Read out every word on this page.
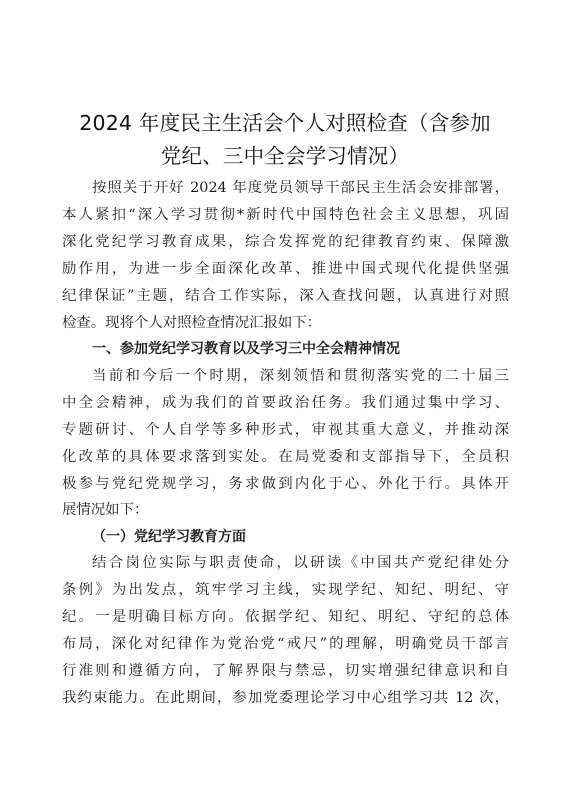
2024 年度民主生活会个人对照检查（含参加
党纪、三中全会学习情况）
按照关于开好 2024 年度党员领导干部民主生活会安排部署，
本人紧扣“深入学习贯彻*新时代中国特色社会主义思想，巩固
深化党纪学习教育成果，综合发挥党的纪律教育约束、保障激
励作用，为进一步全面深化改革、推进中国式现代化提供坚强
纪律保证”主题，结合工作实际，深入查找问题，认真进行对照
检查。现将个人对照检查情况汇报如下：
一、参加党纪学习教育以及学习三中全会精神情况
当前和今后一个时期，深刻领悟和贯彻落实党的二十届三
中全会精神，成为我们的首要政治任务。我们通过集中学习、
专题研讨、个人自学等多种形式，审视其重大意义，并推动深
化改革的具体要求落到实处。在局党委和支部指导下，全员积
极参与党纪党规学习，务求做到内化于心、外化于行。具体开
展情况如下：
（一）党纪学习教育方面
结合岗位实际与职责使命，以研读《中国共产党纪律处分
条例》为出发点，筑牢学习主线，实现学纪、知纪、明纪、守
纪。一是明确目标方向。依据学纪、知纪、明纪、守纪的总体
布局，深化对纪律作为党治党“戒尺”的理解，明确党员干部言
行准则和遵循方向，了解界限与禁忌，切实增强纪律意识和自
我约束能力。在此期间，参加党委理论学习中心组学习共 12 次，
